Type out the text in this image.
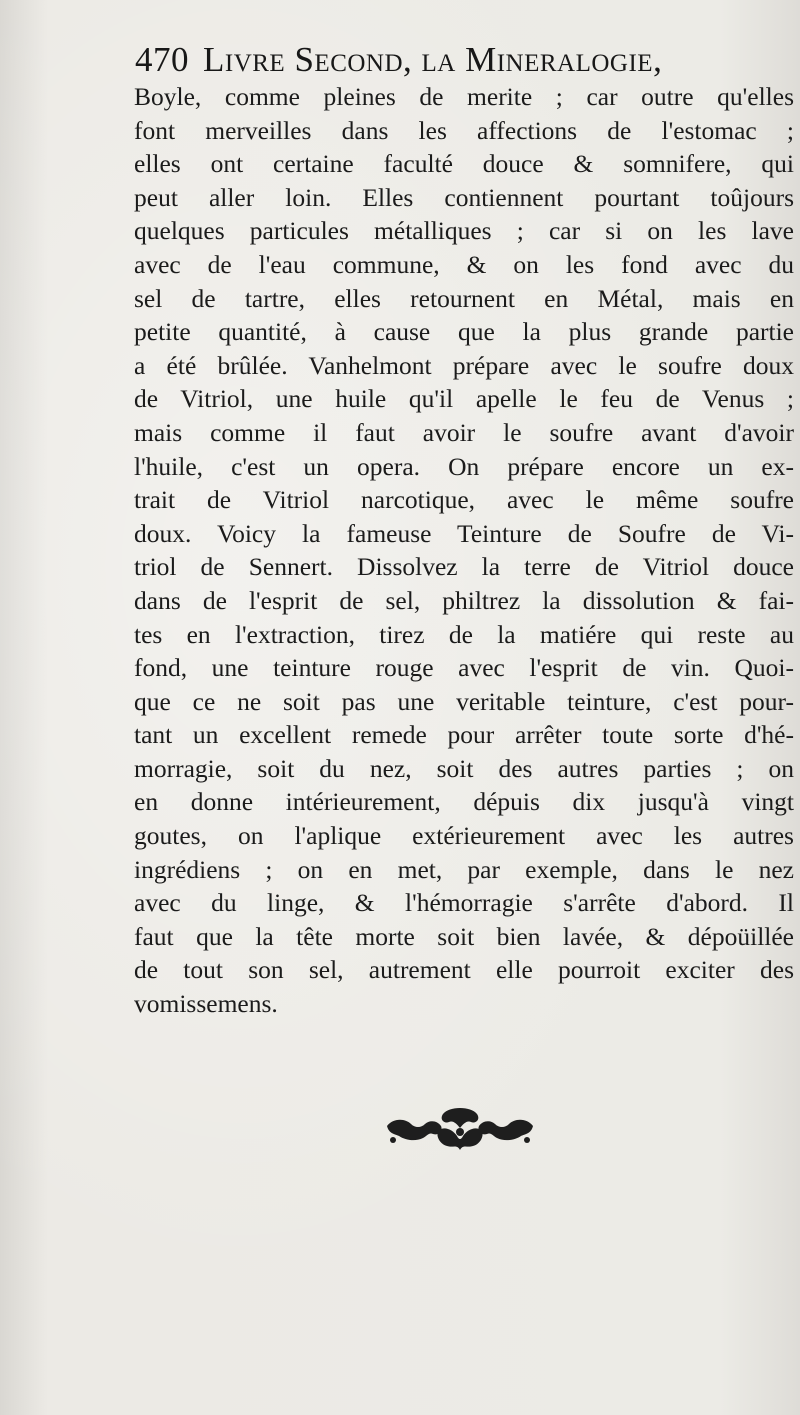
470 Livre Second, la Mineralogie,
Boyle, comme pleines de merite ; car outre qu'elles
font merveilles dans les affections de l'estomac ;
elles ont certaine faculté douce & somnifere, qui
peut aller loin. Elles contiennent pourtant toûjours
quelques particules métalliques ; car si on les lave
avec de l'eau commune, & on les fond avec du
sel de tartre, elles retournent en Métal, mais en
petite quantité, à cause que la plus grande partie
a été brûlée. Vanhelmont prépare avec le soufre doux
de Vitriol, une huile qu'il apelle le feu de Venus ;
mais comme il faut avoir le soufre avant d'avoir
l'huile, c'est un opera. On prépare encore un ex-
trait de Vitriol narcotique, avec le même soufre
doux. Voicy la fameuse Teinture de Soufre de Vi-
triol de Sennert. Dissolvez la terre de Vitriol douce
dans de l'esprit de sel, philtrez la dissolution & fai-
tes en l'extraction, tirez de la matiére qui reste au
fond, une teinture rouge avec l'esprit de vin. Quoi-
que ce ne soit pas une veritable teinture, c'est pour-
tant un excellent remede pour arrêter toute sorte d'hé-
morragie, soit du nez, soit des autres parties ; on
en donne intérieurement, dépuis dix jusqu'à vingt
goutes, on l'aplique extérieurement avec les autres
ingrédiens ; on en met, par exemple, dans le nez
avec du linge, & l'hémorragie s'arrête d'abord. Il
faut que la tête morte soit bien lavée, & dépoüillée
de tout son sel, autrement elle pourroit exciter des
vomissemens.
